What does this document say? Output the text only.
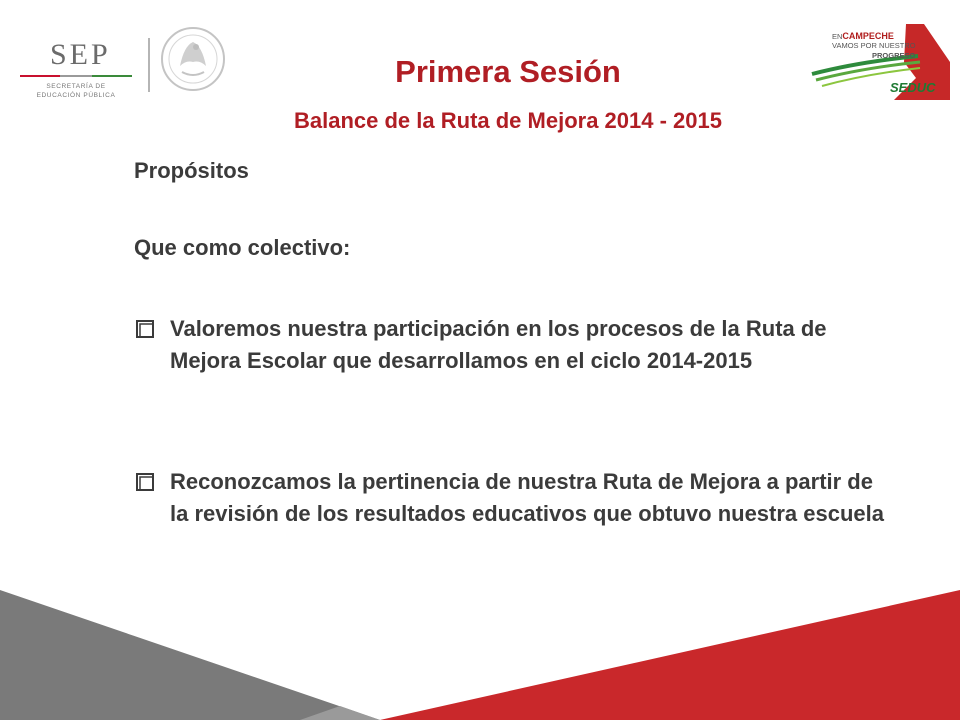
SEP
SECRETARÍA DE
EDUCACIÓN PÚBLICA
ENCAMPECHE
VAMOS POR NUESTRO
PROGRESO
SEDUC
Primera Sesión
Balance de la Ruta de Mejora 2014 - 2015
Propósitos
Que como colectivo:
Valoremos nuestra participación en los procesos de la Ruta de Mejora Escolar que desarrollamos en el ciclo 2014-2015
Reconozcamos la pertinencia de nuestra Ruta de Mejora a partir de la revisión de los resultados educativos que obtuvo nuestra escuela
